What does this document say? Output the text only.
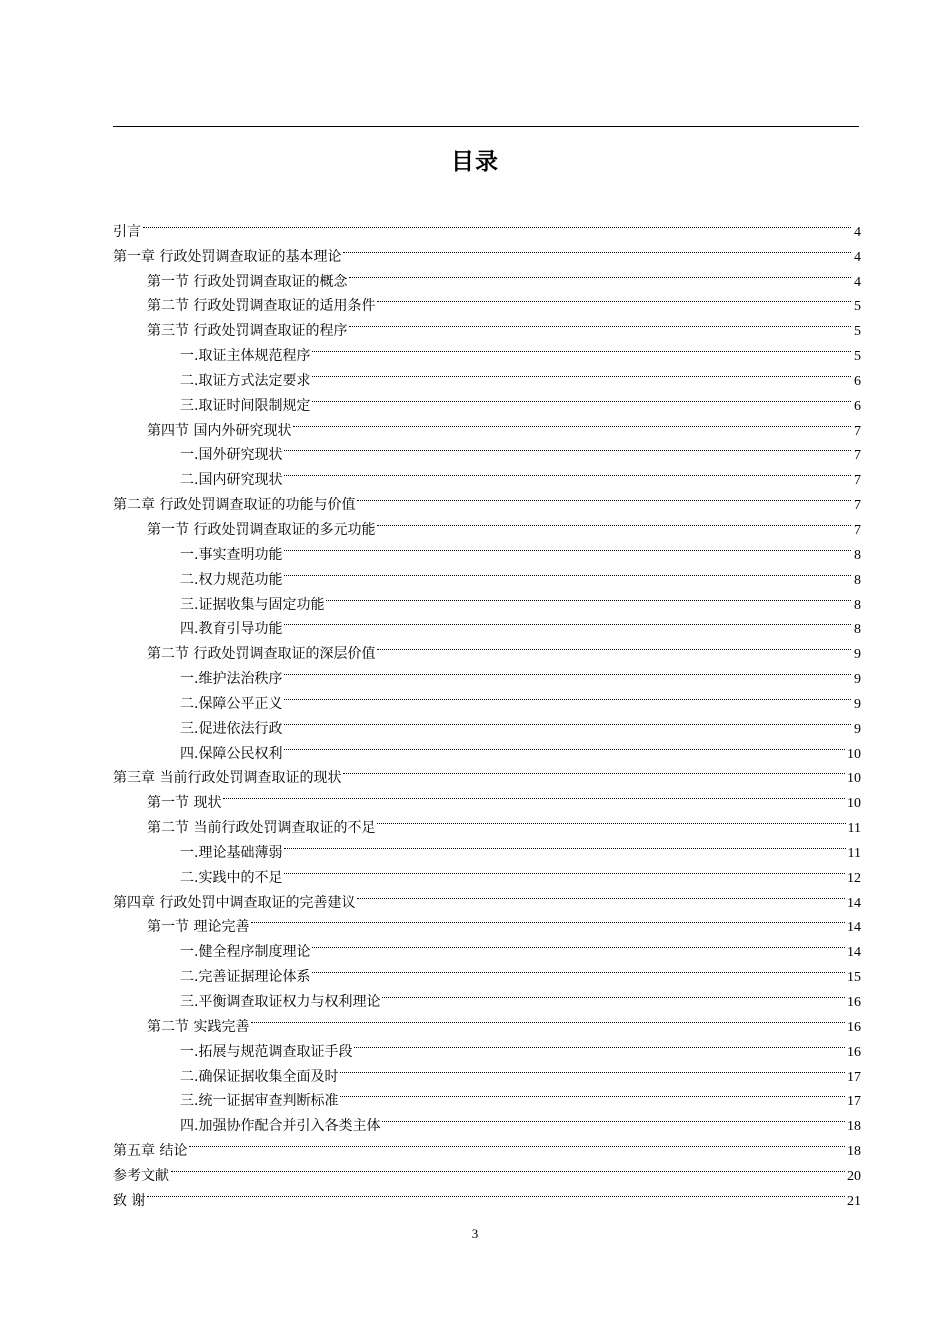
目录
引言	4
第一章 行政处罚调查取证的基本理论	4
第一节 行政处罚调查取证的概念	4
第二节 行政处罚调查取证的适用条件	5
第三节 行政处罚调查取证的程序	5
一.取证主体规范程序	5
二.取证方式法定要求	6
三.取证时间限制规定	6
第四节 国内外研究现状	7
一.国外研究现状	7
二.国内研究现状	7
第二章 行政处罚调查取证的功能与价值	7
第一节 行政处罚调查取证的多元功能	7
一.事实查明功能	8
二.权力规范功能	8
三.证据收集与固定功能	8
四.教育引导功能	8
第二节 行政处罚调查取证的深层价值	9
一.维护法治秩序	9
二.保障公平正义	9
三.促进依法行政	9
四.保障公民权利	10
第三章 当前行政处罚调查取证的现状	10
第一节 现状	10
第二节 当前行政处罚调查取证的不足	11
一.理论基础薄弱	11
二.实践中的不足	12
第四章 行政处罚中调查取证的完善建议	14
第一节 理论完善	14
一.健全程序制度理论	14
二.完善证据理论体系	15
三.平衡调查取证权力与权利理论	16
第二节 实践完善	16
一.拓展与规范调查取证手段	16
二.确保证据收集全面及时	17
三.统一证据审查判断标准	17
四.加强协作配合并引入各类主体	18
第五章 结论	18
参考文献	20
致 谢	21

3
